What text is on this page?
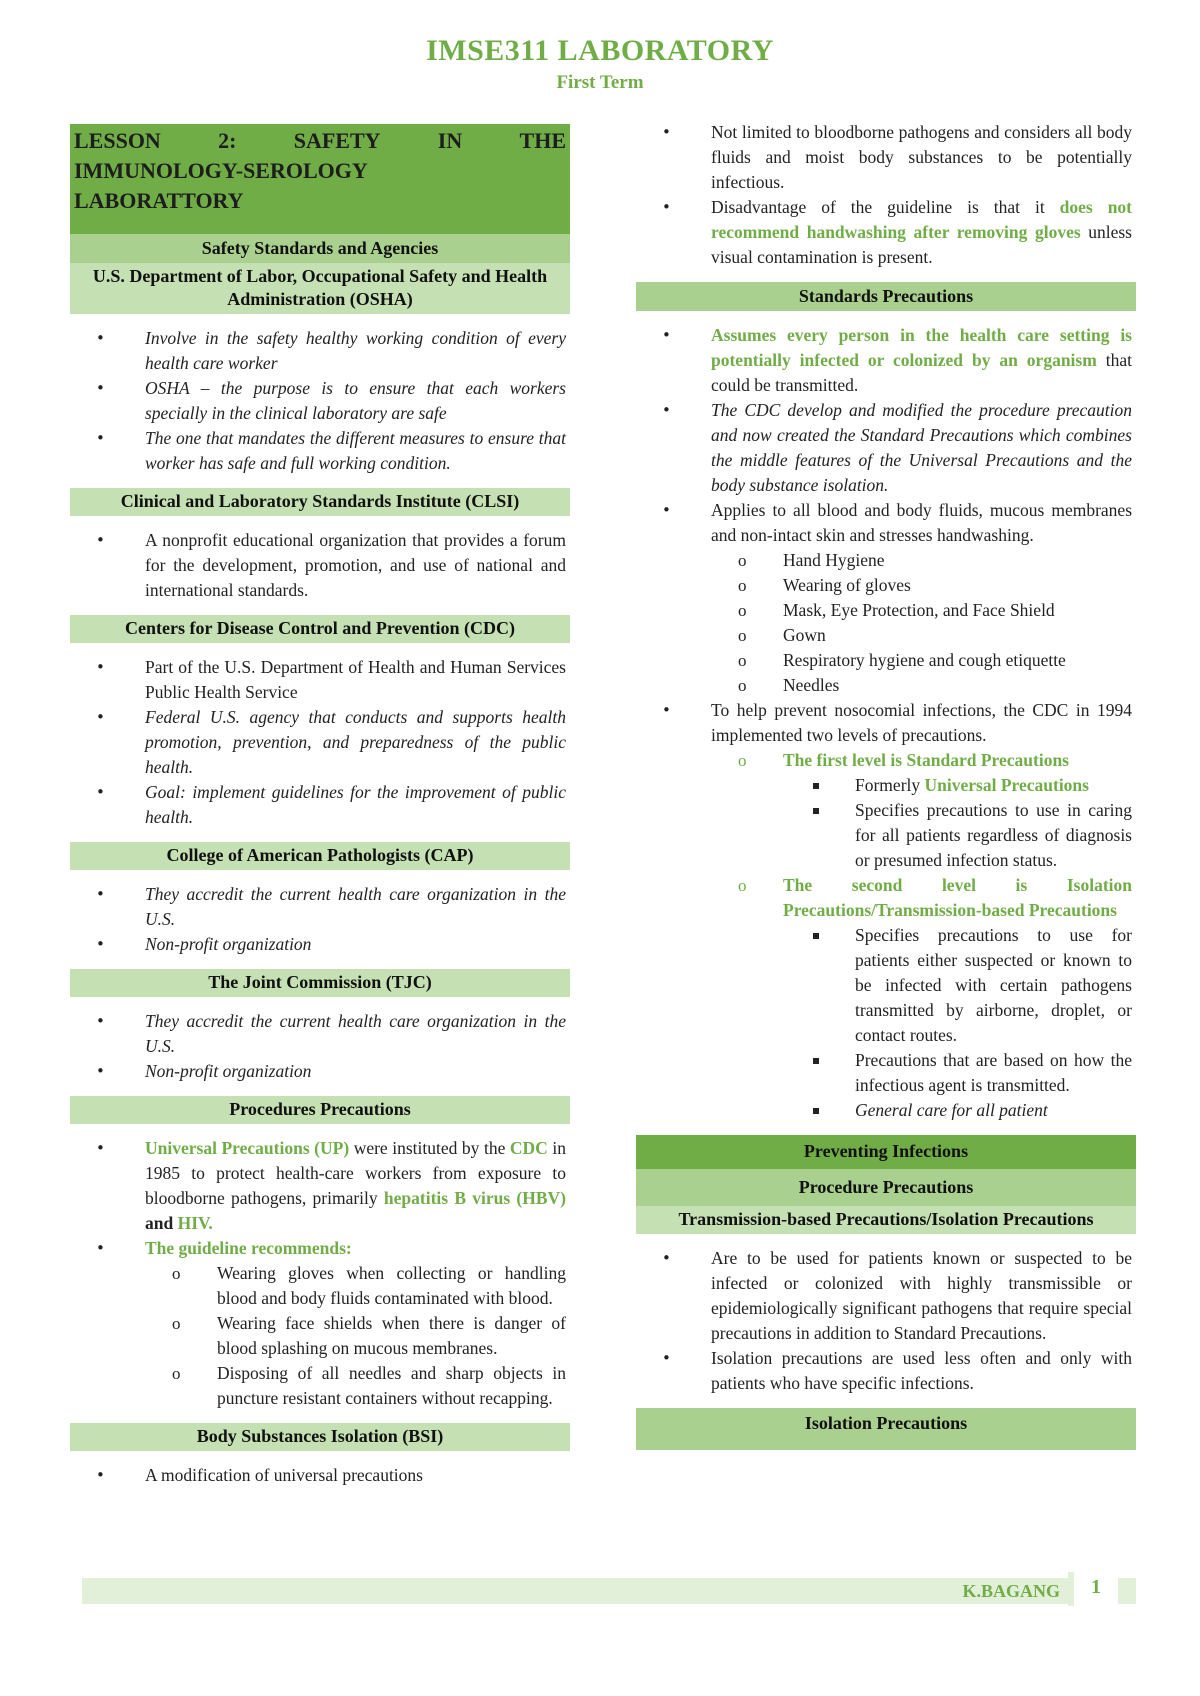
IMSE311 LABORATORY
First Term
LESSON	2:	SAFETY	IN	THE
IMMUNOLOGY-SEROLOGY
LABORATTORY
Safety Standards and Agencies
U.S. Department of Labor, Occupational Safety and Health Administration (OSHA)
• Involve in the safety healthy working condition of every health care worker
• OSHA – the purpose is to ensure that each workers specially in the clinical laboratory are safe
• The one that mandates the different measures to ensure that worker has safe and full working condition.
Clinical and Laboratory Standards Institute (CLSI)
• A nonprofit educational organization that provides a forum for the development, promotion, and use of national and international standards.
Centers for Disease Control and Prevention (CDC)
• Part of the U.S. Department of Health and Human Services Public Health Service
• Federal U.S. agency that conducts and supports health promotion, prevention, and preparedness of the public health.
• Goal: implement guidelines for the improvement of public health.
College of American Pathologists (CAP)
• They accredit the current health care organization in the U.S.
• Non-profit organization
The Joint Commission (TJC)
• They accredit the current health care organization in the U.S.
• Non-profit organization
Procedures Precautions
• Universal Precautions (UP) were instituted by the CDC in 1985 to protect health-care workers from exposure to bloodborne pathogens, primarily hepatitis B virus (HBV) and HIV.
• The guideline recommends:
o Wearing gloves when collecting or handling blood and body fluids contaminated with blood.
o Wearing face shields when there is danger of blood splashing on mucous membranes.
o Disposing of all needles and sharp objects in puncture resistant containers without recapping.
Body Substances Isolation (BSI)
• A modification of universal precautions
• Not limited to bloodborne pathogens and considers all body fluids and moist body substances to be potentially infectious.
• Disadvantage of the guideline is that it does not recommend handwashing after removing gloves unless visual contamination is present.
Standards Precautions
• Assumes every person in the health care setting is potentially infected or colonized by an organism that could be transmitted.
• The CDC develop and modified the procedure precaution and now created the Standard Precautions which combines the middle features of the Universal Precautions and the body substance isolation.
• Applies to all blood and body fluids, mucous membranes and non-intact skin and stresses handwashing.
o Hand Hygiene
o Wearing of gloves
o Mask, Eye Protection, and Face Shield
o Gown
o Respiratory hygiene and cough etiquette
o Needles
• To help prevent nosocomial infections, the CDC in 1994 implemented two levels of precautions.
o The first level is Standard Precautions
Formerly Universal Precautions
Specifies precautions to use in caring for all patients regardless of diagnosis or presumed infection status.
o The second level is Isolation Precautions/Transmission-based Precautions
Specifies precautions to use for patients either suspected or known to be infected with certain pathogens transmitted by airborne, droplet, or contact routes.
Precautions that are based on how the infectious agent is transmitted.
General care for all patient
Preventing Infections
Procedure Precautions
Transmission-based Precautions/Isolation Precautions
• Are to be used for patients known or suspected to be infected or colonized with highly transmissible or epidemiologically significant pathogens that require special precautions in addition to Standard Precautions.
• Isolation precautions are used less often and only with patients who have specific infections.
Isolation Precautions
K.BAGANG	1
